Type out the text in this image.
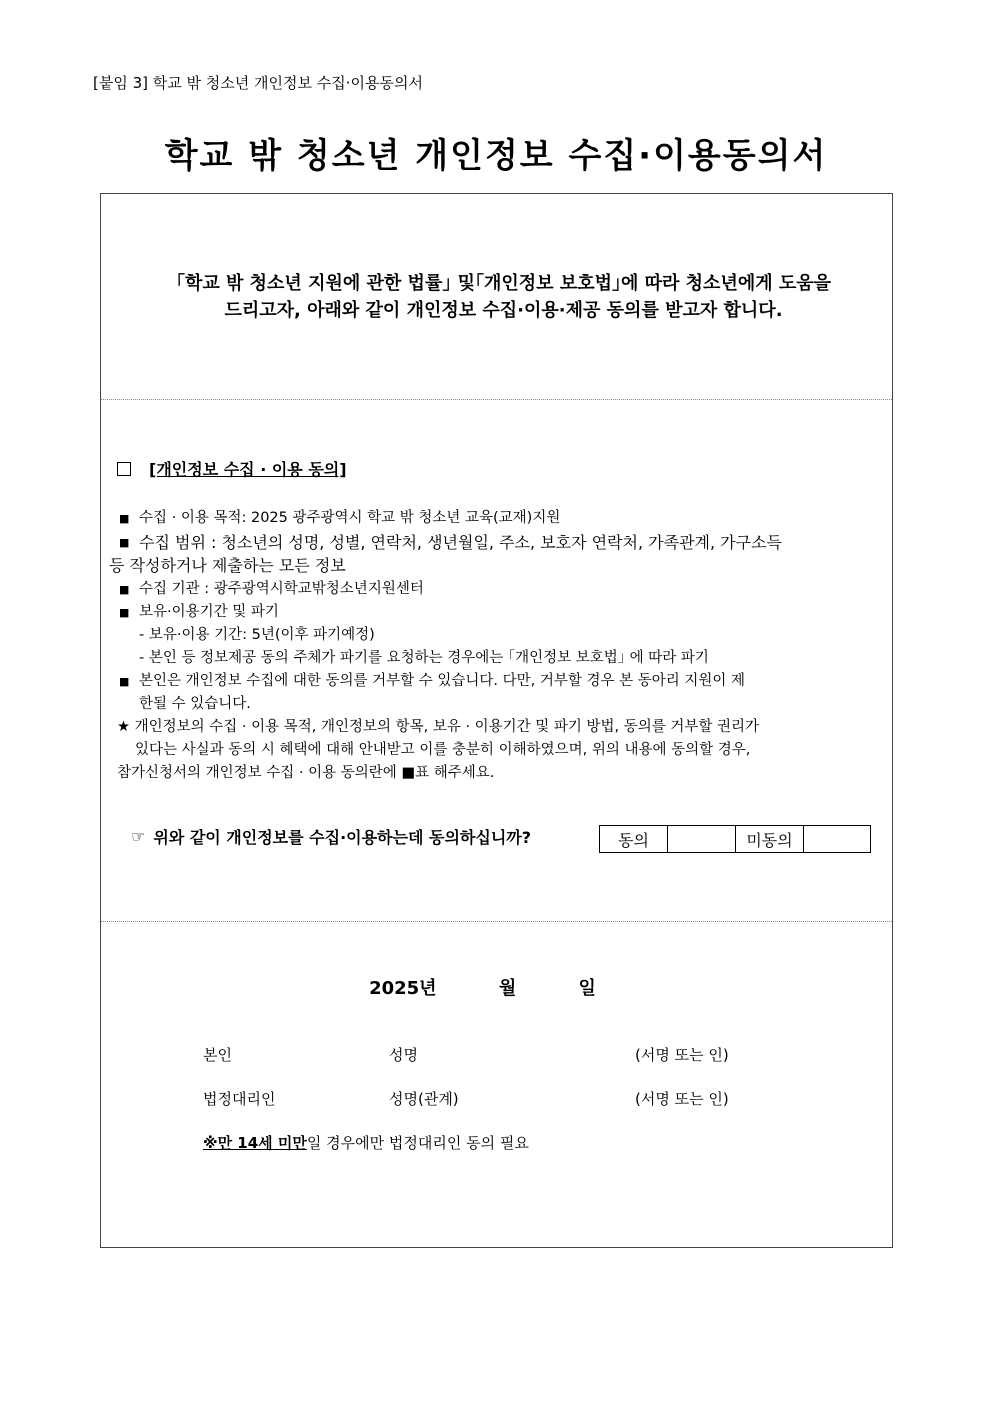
[붙임 3] 학교 밖 청소년 개인정보 수집·이용동의서
학교 밖 청소년 개인정보 수집·이용동의서
｢학교 밖 청소년 지원에 관한 법률｣ 및｢개인정보 보호법｣에 따라 청소년에게 도움을
드리고자, 아래와 같이 개인정보 수집·이용·제공 동의를 받고자 합니다.
[개인정보 수집 · 이용 동의]
■ 수집 · 이용 목적: 2025 광주광역시 학교 밖 청소년 교육(교재)지원
■ 수집 범위 : 청소년의 성명, 성별, 연락처, 생년월일, 주소, 보호자 연락처, 가족관계, 가구소득
등 작성하거나 제출하는 모든 정보
■ 수집 기관 : 광주광역시학교밖청소년지원센터
■ 보유·이용기간 및 파기
- 보유·이용 기간: 5년(이후 파기예정)
- 본인 등 정보제공 동의 주체가 파기를 요청하는 경우에는 ｢개인정보 보호법｣ 에 따라 파기
■ 본인은 개인정보 수집에 대한 동의를 거부할 수 있습니다. 다만, 거부할 경우 본 동아리 지원이 제
한될 수 있습니다.
★ 개인정보의 수집 · 이용 목적, 개인정보의 항목, 보유 · 이용기간 및 파기 방법, 동의를 거부할 권리가
있다는 사실과 동의 시 혜택에 대해 안내받고 이를 충분히 이해하였으며, 위의 내용에 동의할 경우,
참가신청서의 개인정보 수집 · 이용 동의란에 ■표 해주세요.
☞ 위와 같이 개인정보를 수집·이용하는데 동의하십니까?	동의	미동의
2025년	월	일
본인	성명	(서명 또는 인)
법정대리인	성명(관계)	(서명 또는 인)
※만 14세 미만일 경우에만 법정대리인 동의 필요
